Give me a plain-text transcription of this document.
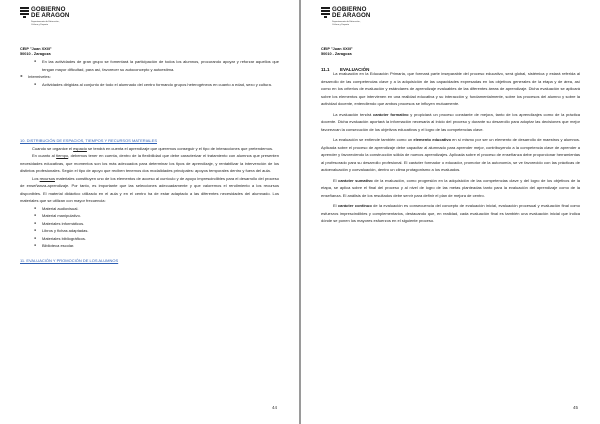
GOBIERNO
DE ARAGON
Departamento de Educación,
Cultura y Deporte
CEIP "Juan XXIII"
50010 - Zaragoza

● En las actividades de gran grupo se fomentará la participación de todos los alumnos, procurando apoyar y reforzar aquellos que tengan mayor dificultad, para así, favorecer su autoconcepto y autoestima.

► Intermiveles:

● Actividades dirigidas al conjunto de todo el alumnado del centro formando grupos heterogéneos en cuanto a edad, sexo y cultura.

10. DISTRIBUCIÓN DE ESPACIOS, TIEMPOS Y RECURSOS MATERIALES

Cuando se organice el espacio se tendrá en cuenta el aprendizaje que queremos conseguir y el tipo de interacciones que pretendemos.

En cuanto al tiempo, debemos tener en cuenta, dentro de la flexibilidad que debe caracterizar el tratamiento con alumnos que presenten necesidades educativas, que momentos son los más adecuados para determinar los tipos de aprendizaje, y rentabilizar la intervención de los distintos profesionales. Según el tipo de apoyo que reciben tenemos dos modalidades principales: apoyos temporales dentro y fuera del aula.

Los recursos materiales constituyen uno de los elementos de acceso al currículo y de apoyo imprescindibles para el desarrollo del proceso de enseñanza-aprendizaje. Por tanto, es importante que las selecciones adecuadamente y que valoremos el rendimiento a los recursos disponibles. El material didáctico utilizado en el aula y en el centro ha de estar adaptado a las diferentes necesidades del alumnado. Los materiales que se utilizan con mayor frecuencia:

● Material audiovisual.

● Material manipulativo.

● Materiales informáticos.

● Libros y fichas adaptadas.

● Materiales bibliográficos.

● Biblioteca escolar.

11. EVALUACIÓN Y PROMOCIÓN DE LOS ALUMNOS

44
GOBIERNO
DE ARAGON
Departamento de Educación,
Cultura y Deporte
CEIP "Juan XXIII"
50010 - Zaragoza
11.1 EVALUACIÓN

La evaluación en la Educación Primaria, que formará parte inseparable del proceso educativo, será global, sistémica y estará referida al desarrollo de las competencias clave y a la adquisición de las capacidades expresadas en los objetivos generales de la etapa y de área, así como en los criterios de evaluación y estándares de aprendizaje evaluables de las diferentes áreas de aprendizaje. Dicha evaluación se aplicará sobre los elementos que intervienen en una realidad educativa y su interacción y, fundamentalmente, sobre los procesos del alumno y sobre la actividad docente, entendiendo que ambos procesos se influyen mutuamente.

La evaluación tendrá carácter formativo y propiciará un proceso constante de mejora, tanto de los aprendizajes como de la práctica docente. Dicha evaluación aportará la información necesaria al inicio del proceso y durante su desarrollo para adoptar las decisiones que mejor favorezcan la consecución de los objetivos educativos y el logro de las competencias clave.

La evaluación se entiende también como un elemento educativo en sí mismo por ser un elemento de desarrollo de maestros y alumnos. Aplicada sobre el proceso de aprendizaje debe capacitar al alumnado para aprender mejor, contribuyendo a la competencia clave de aprender a aprender y favoreciendo la construcción sólida de nuevos aprendizajes. Aplicada sobre el proceso de enseñanza debe proporcionar herramientas al profesorado para su desarrollo profesional. El carácter formador o educador, promotor de la autonomía, se ve favorecido con las prácticas de autoevaluación y coevaluación, dentro un clima protagonismo a los evaluados.

El carácter sumativo de la evaluación, como progresión en la adquisición de las competencias clave y del logro de los objetivos de la etapa, se aplica sobre el final del proceso y al nivel de logro de las metas planteadas tanto para la evaluación del aprendizaje como de la enseñanza. El análisis de los resultados debe servir para definir el plan de mejora de centro.

El carácter continuo de la evaluación es consecuencia del concepto de evaluación inicial, evaluación procesual y evaluación final como esfuerzos imprescindibles y complementarios, destacando que, en realidad, cada evaluación final es también una evaluación inicial que indica dónde se ponen los mayores esfuerzos en el siguiente proceso.

45
